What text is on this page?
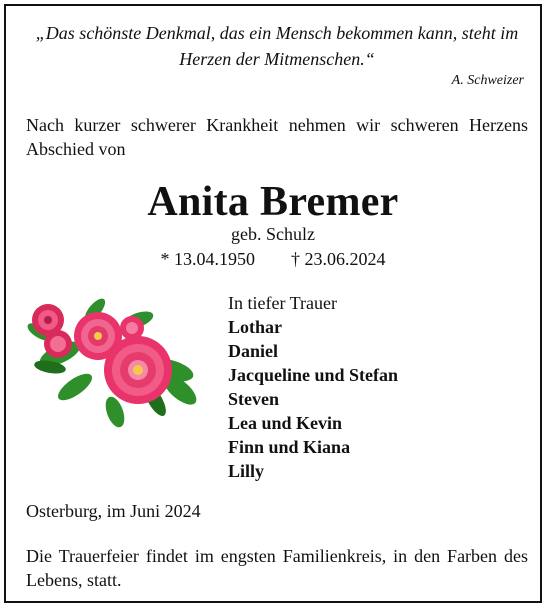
„Das schönste Denkmal, das ein Mensch bekommen kann, steht im Herzen der Mitmenschen.“
A. Schweizer
Nach kurzer schwerer Krankheit nehmen wir schweren Herzens Abschied von
Anita Bremer
geb. Schulz
* 13.04.1950 † 23.06.2024
In tiefer Trauer
Lothar
Daniel
Jacqueline und Stefan
Steven
Lea und Kevin
Finn und Kiana
Lilly
Osterburg, im Juni 2024
Die Trauerfeier findet im engsten Familienkreis, in den Farben des Lebens, statt.
